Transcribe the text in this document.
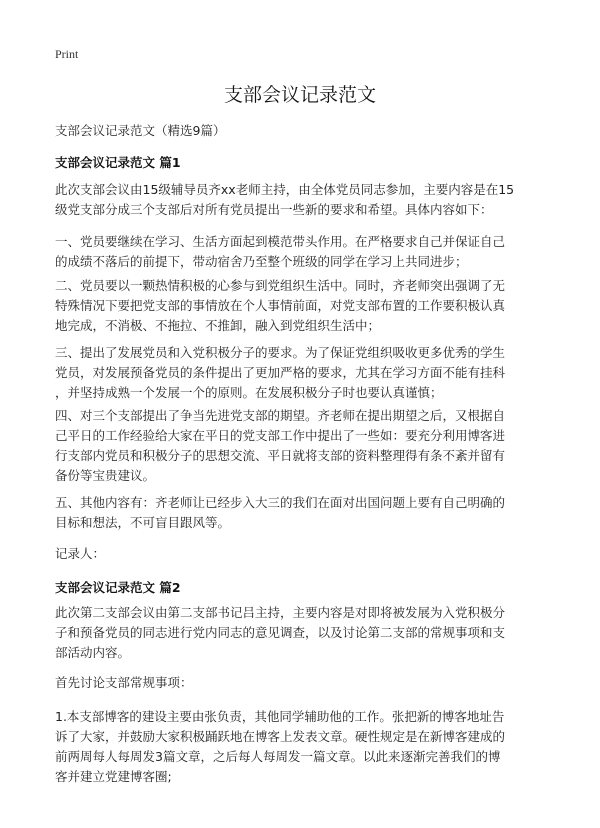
Print
支部会议记录范文

支部会议记录范文（精选9篇）

支部会议记录范文 篇1
此次支部会议由15级辅导员齐xx老师主持，由全体党员同志参加，主要内容是在15
级党支部分成三个支部后对所有党员提出一些新的要求和希望。具体内容如下：
一、党员要继续在学习、生活方面起到模范带头作用。在严格要求自己并保证自己
的成绩不落后的前提下，带动宿舍乃至整个班级的同学在学习上共同进步；
二、党员要以一颗热情积极的心参与到党组织生活中。同时，齐老师突出强调了无
特殊情况下要把党支部的事情放在个人事情前面，对党支部布置的工作要积极认真
地完成，不消极、不拖拉、不推卸，融入到党组织生活中；
三、提出了发展党员和入党积极分子的要求。为了保证党组织吸收更多优秀的学生
党员，对发展预备党员的条件提出了更加严格的要求，尤其在学习方面不能有挂科
，并坚持成熟一个发展一个的原则。在发展积极分子时也要认真谨慎；
四、对三个支部提出了争当先进党支部的期望。齐老师在提出期望之后，又根据自
己平日的工作经验给大家在平日的党支部工作中提出了一些如：要充分利用博客进
行支部内党员和积极分子的思想交流、平日就将支部的资料整理得有条不紊并留有
备份等宝贵建议。
五、其他内容有：齐老师让已经步入大三的我们在面对出国问题上要有自己明确的
目标和想法，不可盲目跟风等。

记录人：

支部会议记录范文 篇2
此次第二支部会议由第二支部书记吕主持，主要内容是对即将被发展为入党积极分
子和预备党员的同志进行党内同志的意见调查，以及讨论第二支部的常规事项和支
部活动内容。

首先讨论支部常规事项：

1.本支部博客的建设主要由张负责，其他同学辅助他的工作。张把新的博客地址告
诉了大家，并鼓励大家积极踊跃地在博客上发表文章。硬性规定是在新博客建成的
前两周每人每周发3篇文章，之后每人每周发一篇文章。以此来逐渐完善我们的博
客并建立党建博客圈;
